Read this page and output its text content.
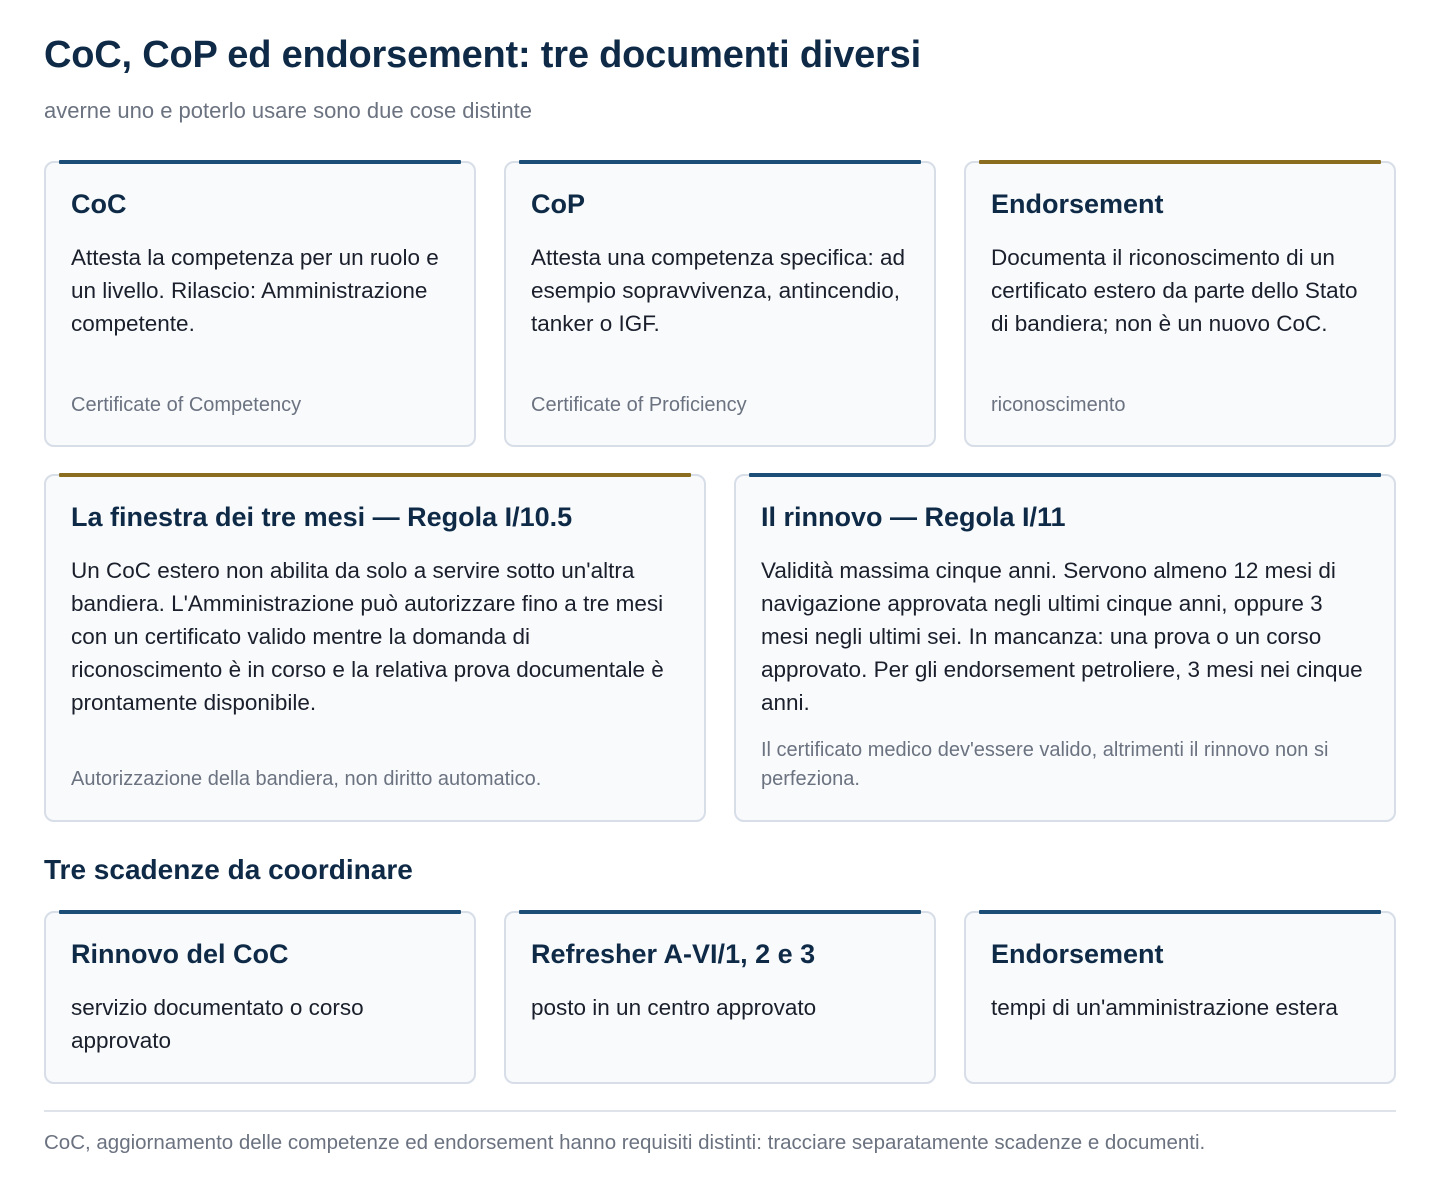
CoC, CoP ed endorsement: tre documenti diversi

averne uno e poterlo usare sono due cose distinte

CoC

Attesta la competenza per un ruolo e un livello. Rilascio: Amministrazione competente.

Certificate of Competency

CoP

Attesta una competenza specifica: ad esempio sopravvivenza, antincendio, tanker o IGF.

Certificate of Proficiency

Endorsement

Documenta il riconoscimento di un certificato estero da parte dello Stato di bandiera; non è un nuovo CoC.

riconoscimento

La finestra dei tre mesi — Regola I/10.5

Un CoC estero non abilita da solo a servire sotto un'altra bandiera. L'Amministrazione può autorizzare fino a tre mesi con un certificato valido mentre la domanda di riconoscimento è in corso e la relativa prova documentale è prontamente disponibile.

Autorizzazione della bandiera, non diritto automatico.

Il rinnovo — Regola I/11

Validità massima cinque anni. Servono almeno 12 mesi di navigazione approvata negli ultimi cinque anni, oppure 3 mesi negli ultimi sei. In mancanza: una prova o un corso approvato. Per gli endorsement petroliere, 3 mesi nei cinque anni.

Il certificato medico dev'essere valido, altrimenti il rinnovo non si perfeziona.

Tre scadenze da coordinare
Rinnovo del CoC

servizio documentato o corso approvato

Refresher A-VI/1, 2 e 3

posto in un centro approvato

Endorsement

tempi di un'amministrazione estera

CoC, aggiornamento delle competenze ed endorsement hanno requisiti distinti: tracciare separatamente scadenze e documenti.
